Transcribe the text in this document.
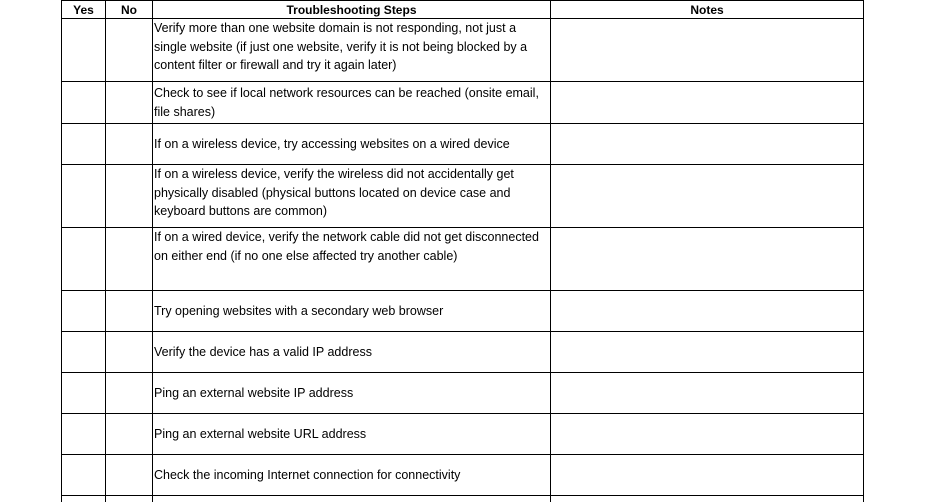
Yes	No	Troubleshooting Steps	Notes
		Verify more than one website domain is not responding, not just a single website (if just one website, verify it is not being blocked by a content filter or firewall and try it again later)	
		Check to see if local network resources can be reached (onsite email, file shares)	
		If on a wireless device, try accessing websites on a wired device	
		If on a wireless device, verify the wireless did not accidentally get physically disabled (physical buttons located on device case and keyboard buttons are common)	
		If on a wired device, verify the network cable did not get disconnected on either end (if no one else affected try another cable)	
		Try opening websites with a secondary web browser	
		Verify the device has a valid IP address	
		Ping an external website IP address	
		Ping an external website URL address	
		Check the incoming Internet connection for connectivity	
